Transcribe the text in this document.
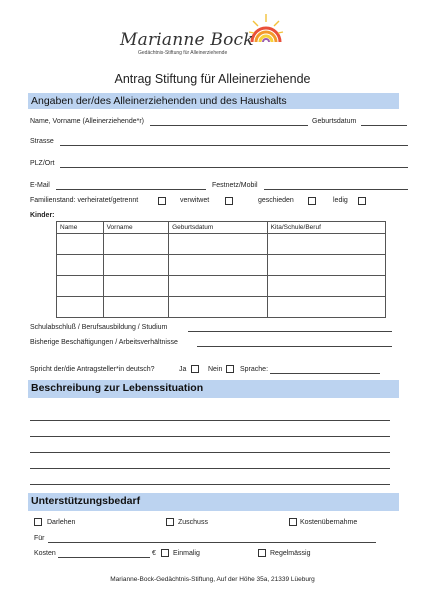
Marianne Bock
Gedächtnis-Stiftung für Alleinerziehende
Antrag Stiftung für Alleinerziehende
Angaben der/des Alleinerziehenden und des Haushalts
Name, Vorname (Alleinerziehende*r)	Geburtsdatum
Strasse
PLZ/Ort
E-Mail	Festnetz/Mobil
Familienstand: verheiratet/getrennt	verwitwet	geschieden	ledig
Kinder:
Name	Vorname	Geburtsdatum	Kita/Schule/Beruf

Schulabschluß / Berufsausbildung / Studium
Bisherige Beschäftigungen / Arbeitsverhältnisse
Spricht der/die Antragsteller*in deutsch?	Ja	Nein	Sprache:
Beschreibung zur Lebenssituation
Unterstützungsbedarf
Darlehen	Zuschuss	Kostenübernahme
Für
Kosten	€ Einmalig	Regelmässig
Marianne-Bock-Gedächtnis-Stiftung, Auf der Höhe 35a, 21339 Lüeburg
